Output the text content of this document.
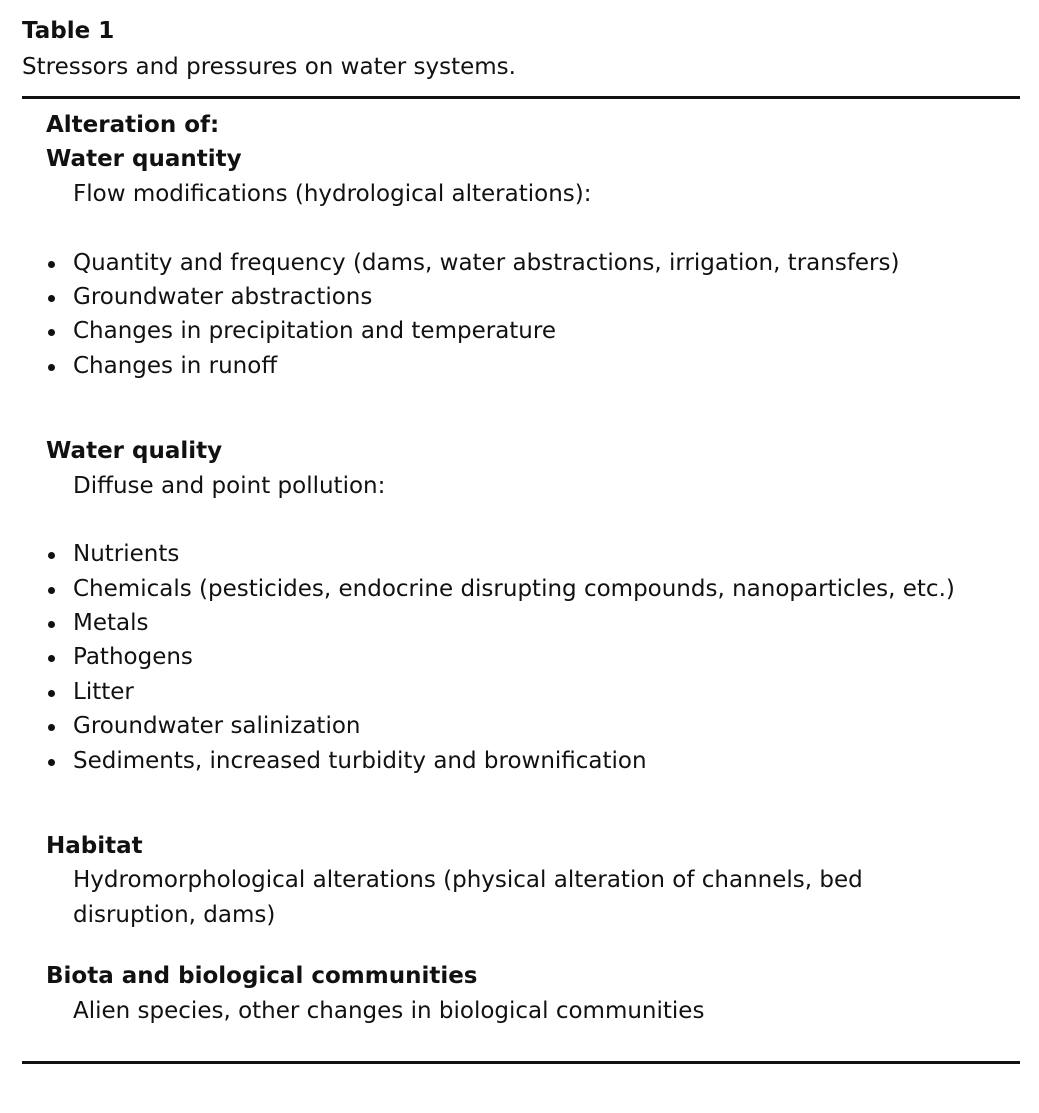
Table 1
Stressors and pressures on water systems.
Alteration of:
Water quantity
Flow modifications (hydrological alterations):
Quantity and frequency (dams, water abstractions, irrigation, transfers)
Groundwater abstractions
Changes in precipitation and temperature
Changes in runoff
Water quality
Diffuse and point pollution:
Nutrients
Chemicals (pesticides, endocrine disrupting compounds, nanoparticles, etc.)
Metals
Pathogens
Litter
Groundwater salinization
Sediments, increased turbidity and brownification
Habitat
Hydromorphological alterations (physical alteration of channels, bed
disruption, dams)
Biota and biological communities
Alien species, other changes in biological communities
